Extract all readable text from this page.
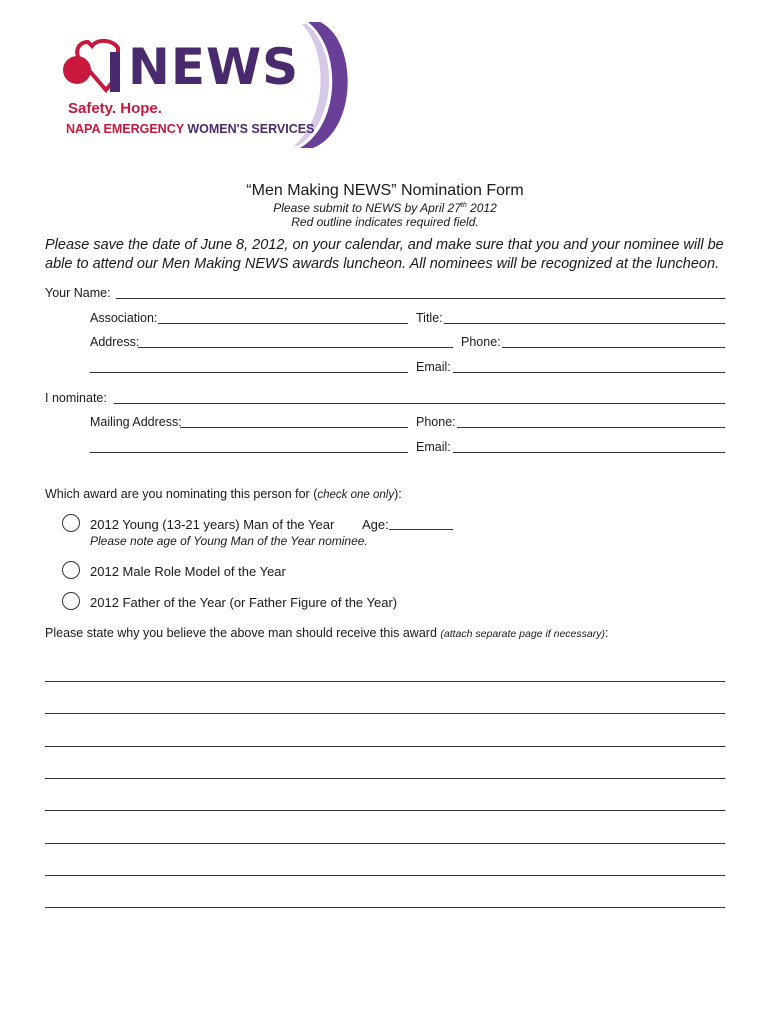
NEWS
Safety. Hope.
NAPA EMERGENCY WOMEN'S SERVICES
“Men Making NEWS” Nomination Form
Please submit to NEWS by April 27th 2012
Red outline indicates required field.
Please save the date of June 8, 2012, on your calendar, and make sure that you and your nominee will be able to attend our Men Making NEWS awards luncheon. All nominees will be recognized at the luncheon.
Your Name:
Association:	Title:
Address:	Phone:
Email:
I nominate:
Mailing Address:	Phone:
Email:
Which award are you nominating this person for (check one only):
2012 Young (13-21 years) Man of the Year Age:
Please note age of Young Man of the Year nominee.
2012 Male Role Model of the Year
2012 Father of the Year (or Father Figure of the Year)
Please state why you believe the above man should receive this award (attach separate page if necessary):
